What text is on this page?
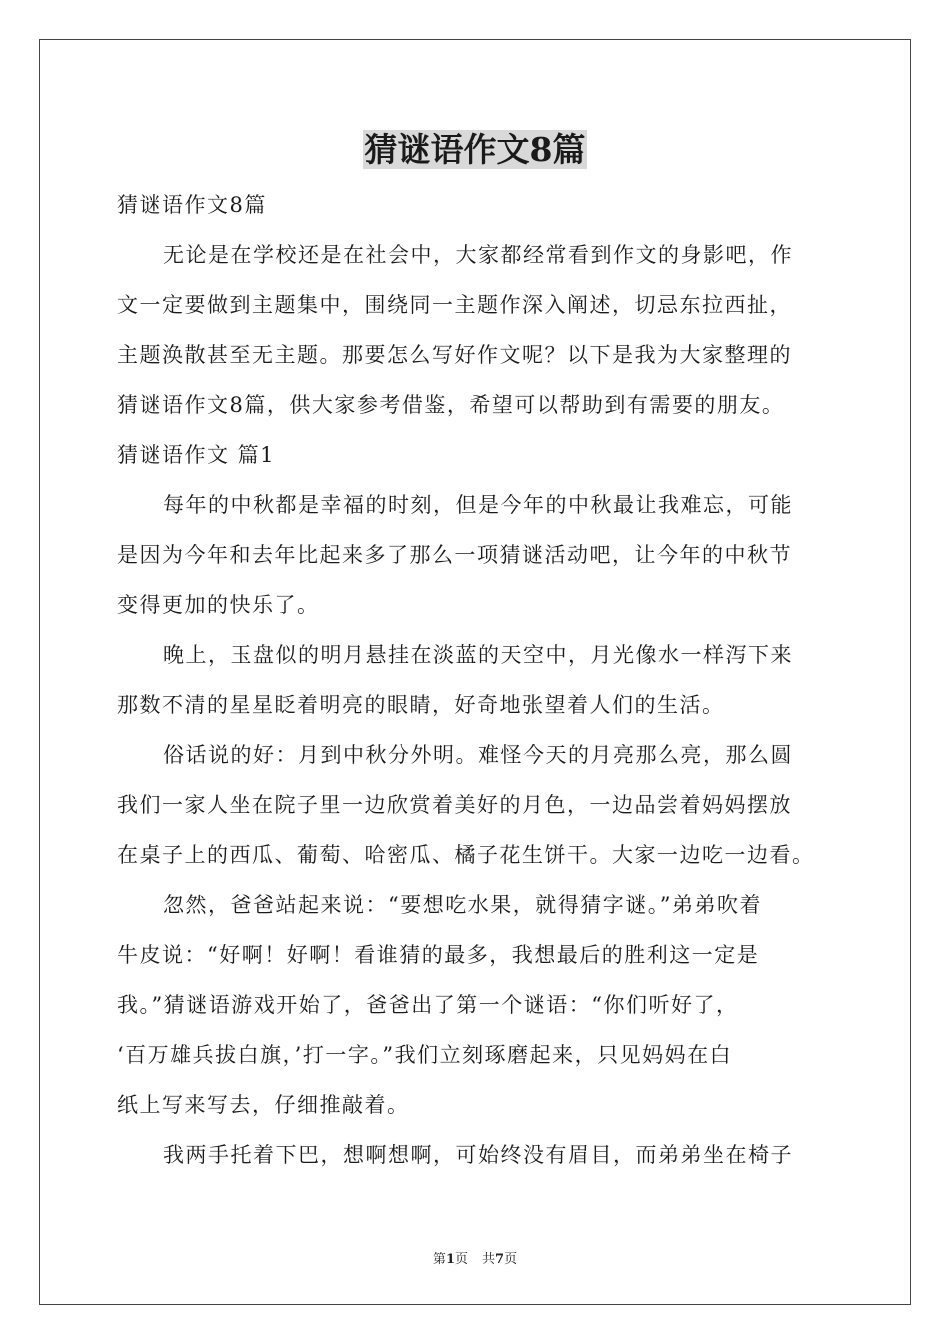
猜谜语作文8篇
猜谜语作文8篇
无论是在学校还是在社会中，大家都经常看到作文的身影吧，作
文一定要做到主题集中，围绕同一主题作深入阐述，切忌东拉西扯，
主题涣散甚至无主题。那要怎么写好作文呢？以下是我为大家整理的
猜谜语作文8篇，供大家参考借鉴，希望可以帮助到有需要的朋友。
猜谜语作文 篇1
每年的中秋都是幸福的时刻，但是今年的中秋最让我难忘，可能
是因为今年和去年比起来多了那么一项猜谜活动吧，让今年的中秋节
变得更加的快乐了。
晚上，玉盘似的明月悬挂在淡蓝的天空中，月光像水一样泻下来
那数不清的星星眨着明亮的眼睛，好奇地张望着人们的生活。
俗话说的好：月到中秋分外明。难怪今天的月亮那么亮，那么圆
我们一家人坐在院子里一边欣赏着美好的月色，一边品尝着妈妈摆放
在桌子上的西瓜、葡萄、哈密瓜、橘子花生饼干。大家一边吃一边看。
忽然，爸爸站起来说：“要想吃水果，就得猜字谜。”弟弟吹着
牛皮说：“好啊！好啊！看谁猜的最多，我想最后的胜利这一定是
我。”猜谜语游戏开始了，爸爸出了第一个谜语：“你们听好了，
‘百万雄兵拔白旗，’打一字。”我们立刻琢磨起来，只见妈妈在白
纸上写来写去，仔细推敲着。
我两手托着下巴，想啊想啊，可始终没有眉目，而弟弟坐在椅子
第1页 共7页
